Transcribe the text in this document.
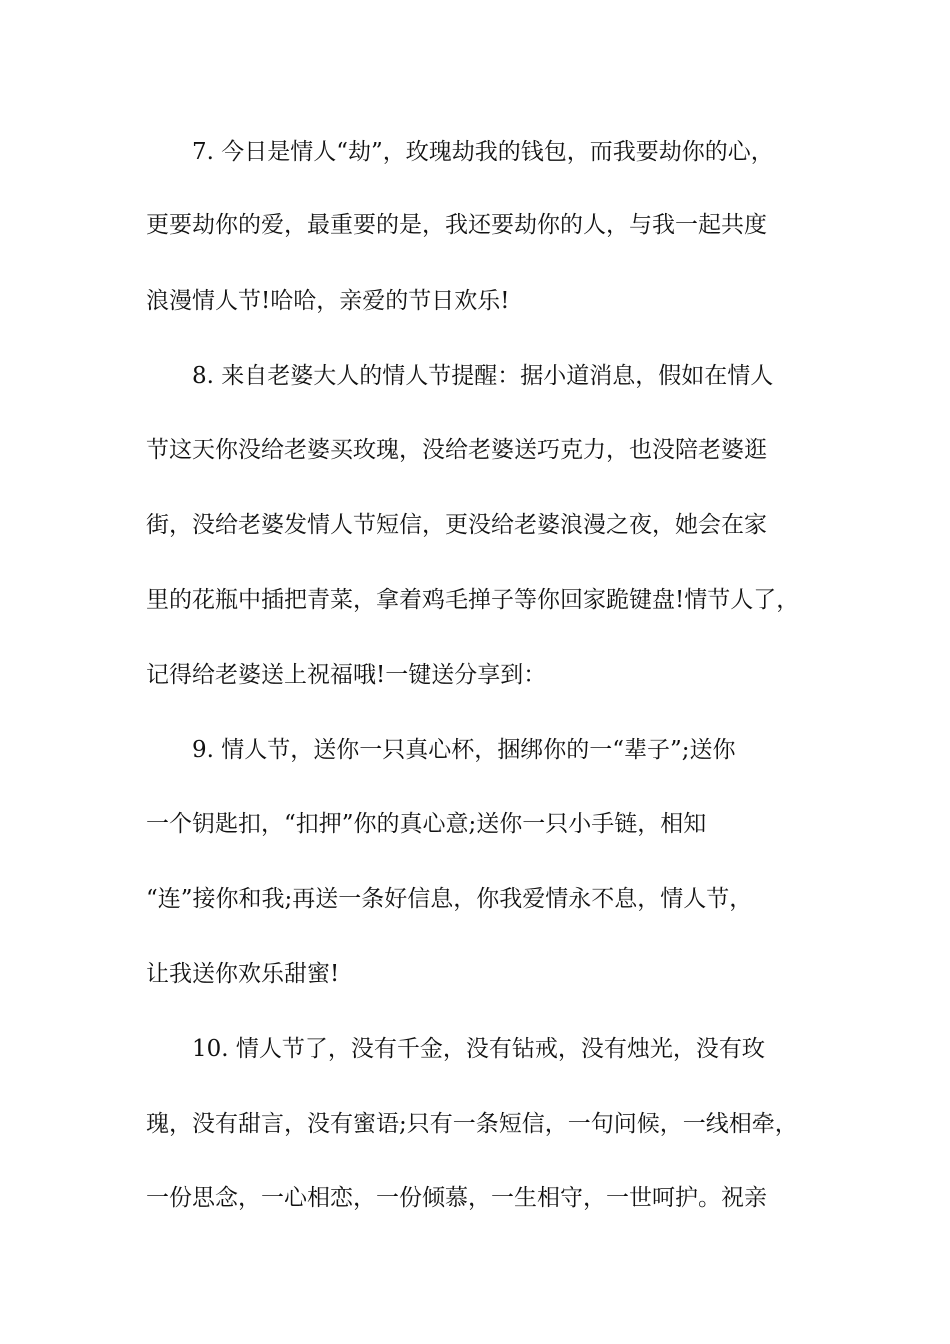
7. 今日是情人“劫”，玫瑰劫我的钱包，而我要劫你的心，

更要劫你的爱，最重要的是，我还要劫你的人，与我一起共度

浪漫情人节!哈哈，亲爱的节日欢乐!

8. 来自老婆大人的情人节提醒：据小道消息，假如在情人

节这天你没给老婆买玫瑰，没给老婆送巧克力，也没陪老婆逛

街，没给老婆发情人节短信，更没给老婆浪漫之夜，她会在家

里的花瓶中插把青菜，拿着鸡毛掸子等你回家跪键盘!情节人了，

记得给老婆送上祝福哦!一键送分享到：

9. 情人节，送你一只真心杯，捆绑你的一“辈子”;送你

一个钥匙扣，“扣押”你的真心意;送你一只小手链，相知

“连”接你和我;再送一条好信息，你我爱情永不息，情人节，

让我送你欢乐甜蜜!

10. 情人节了，没有千金，没有钻戒，没有烛光，没有玫

瑰，没有甜言，没有蜜语;只有一条短信，一句问候，一线相牵，

一份思念，一心相恋，一份倾慕，一生相守，一世呵护。祝亲
